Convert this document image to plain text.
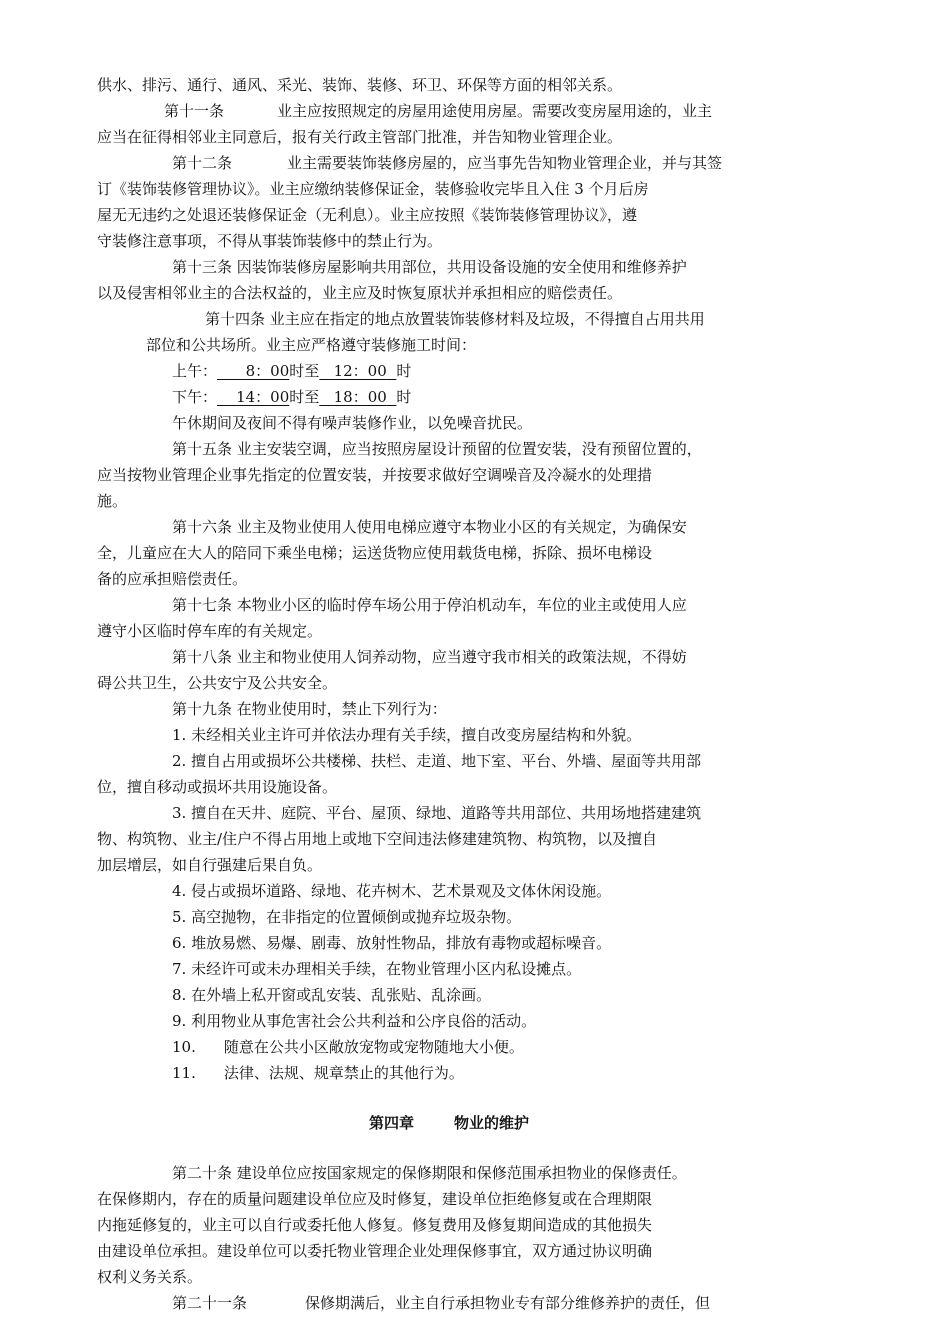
供水、排污、通行、通风、采光、装饰、装修、环卫、环保等方面的相邻关系。
第十一条	业主应按照规定的房屋用途使用房屋。需要改变房屋用途的，业主
应当在征得相邻业主同意后，报有关行政主管部门批准，并告知物业管理企业。
第十二条	业主需要装饰装修房屋的，应当事先告知物业管理企业，并与其签
订《装饰装修管理协议》。业主应缴纳装修保证金，装修验收完毕且入住 3 个月后房
屋无无违约之处退还装修保证金（无利息）。业主应按照《装饰装修管理协议》，遵
守装修注意事项，不得从事装饰装修中的禁止行为。
第十三条 因装饰装修房屋影响共用部位，共用设备设施的安全使用和维修养护
以及侵害相邻业主的合法权益的，业主应及时恢复原状并承担相应的赔偿责任。
第十四条 业主应在指定的地点放置装饰装修材料及垃圾，不得擅自占用共用
部位和公共场所。业主应严格遵守装修施工时间：
上午： 8：00时至 12：00 时
下午： 14：00时至 18：00 时
午休期间及夜间不得有噪声装修作业，以免噪音扰民。
第十五条 业主安装空调，应当按照房屋设计预留的位置安装，没有预留位置的，
应当按物业管理企业事先指定的位置安装，并按要求做好空调噪音及冷凝水的处理措
施。
第十六条 业主及物业使用人使用电梯应遵守本物业小区的有关规定，为确保安
全，儿童应在大人的陪同下乘坐电梯；运送货物应使用载货电梯，拆除、损坏电梯设
备的应承担赔偿责任。
第十七条 本物业小区的临时停车场公用于停泊机动车，车位的业主或使用人应
遵守小区临时停车库的有关规定。
第十八条 业主和物业使用人饲养动物，应当遵守我市相关的政策法规，不得妨
碍公共卫生，公共安宁及公共安全。
第十九条 在物业使用时，禁止下列行为：
1. 未经相关业主许可并依法办理有关手续，擅自改变房屋结构和外貌。
2. 擅自占用或损坏公共楼梯、扶栏、走道、地下室、平台、外墙、屋面等共用部
位，擅自移动或损坏共用设施设备。
3. 擅自在天井、庭院、平台、屋顶、绿地、道路等共用部位、共用场地搭建建筑
物、构筑物、业主/住户不得占用地上或地下空间违法修建建筑物、构筑物，以及擅自
加层增层，如自行强建后果自负。
4. 侵占或损坏道路、绿地、花卉树木、艺术景观及文体休闲设施。
5. 高空抛物，在非指定的位置倾倒或抛弃垃圾杂物。
6. 堆放易燃、易爆、剧毒、放射性物品，排放有毒物或超标噪音。
7. 未经许可或未办理相关手续，在物业管理小区内私设摊点。
8. 在外墙上私开窗或乱安装、乱张贴、乱涂画。
9. 利用物业从事危害社会公共利益和公序良俗的活动。
10. 随意在公共小区敞放宠物或宠物随地大小便。
11. 法律、法规、规章禁止的其他行为。
第四章	物业的维护
第二十条 建设单位应按国家规定的保修期限和保修范围承担物业的保修责任。
在保修期内，存在的质量问题建设单位应及时修复，建设单位拒绝修复或在合理期限
内拖延修复的，业主可以自行或委托他人修复。修复费用及修复期间造成的其他损失
由建设单位承担。建设单位可以委托物业管理企业处理保修事宜，双方通过协议明确
权利义务关系。
第二十一条	保修期满后，业主自行承担物业专有部分维修养护的责任，但
